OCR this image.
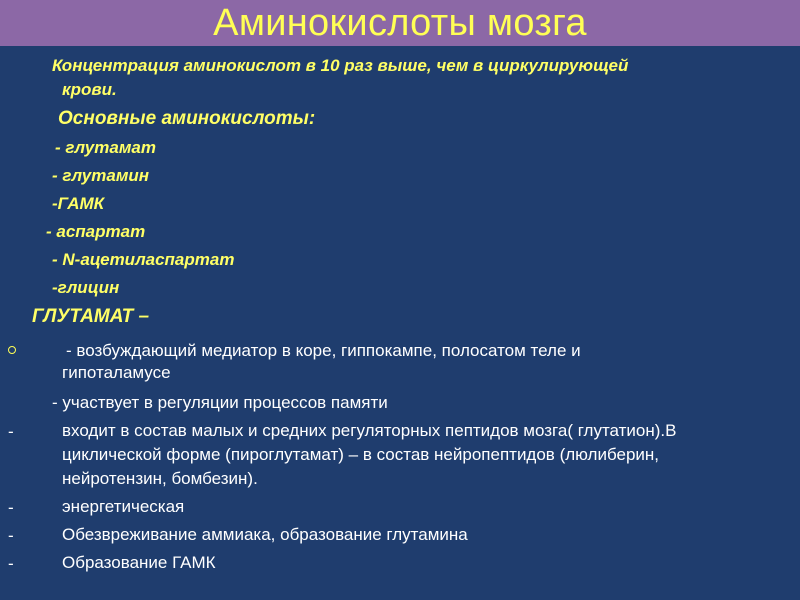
Аминокислоты мозга
Концентрация аминокислот в 10 раз выше, чем в циркулирующей
крови.
Основные аминокислоты:
- глутамат
- глутамин
-ГАМК
- аспартат
- N-ацетиласпартат
-глицин
ГЛУТАМАТ –
- возбуждающий медиатор в коре, гиппокампе, полосатом теле и
гипоталамусе
- участвует в регуляции процессов памяти
-	входит в состав малых и средних регуляторных пептидов мозга( глутатион).В
циклической форме (пироглутамат) – в состав нейропептидов (люлиберин,
нейротензин, бомбезин).
-	энергетическая
-	Обезвреживание аммиака, образование глутамина
-	Образование ГАМК
